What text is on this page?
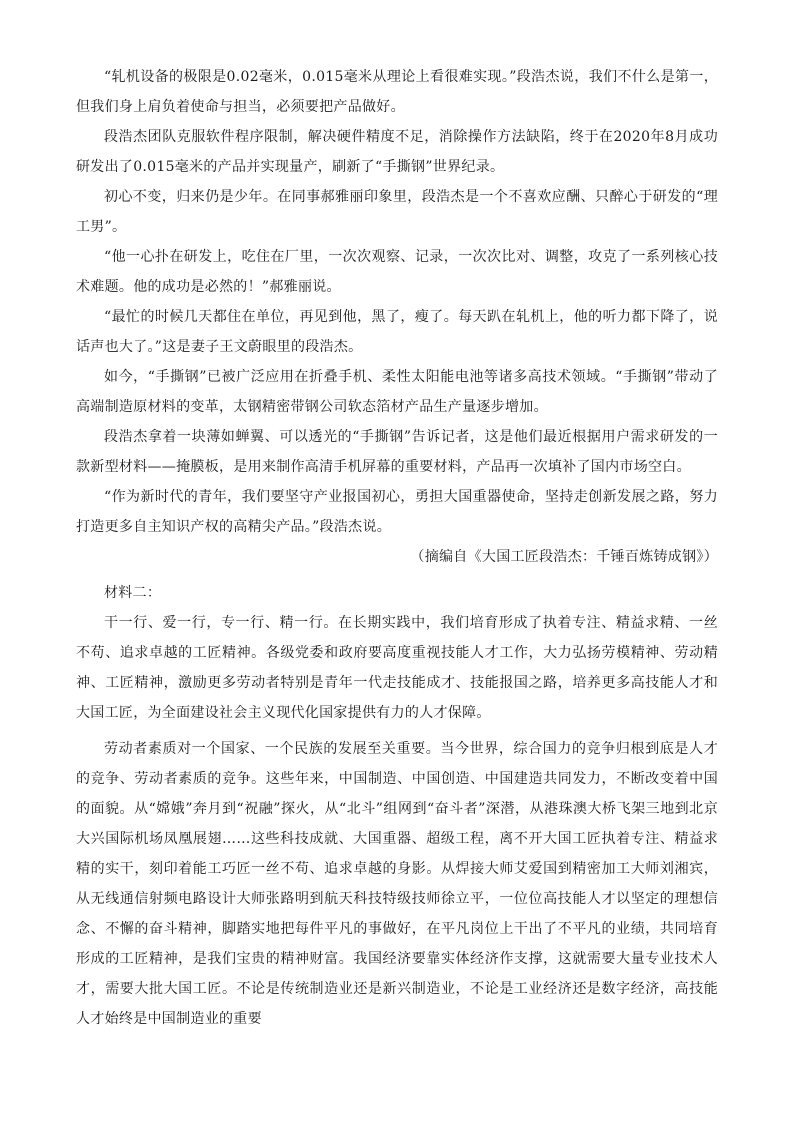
“轧机设备的极限是0.02毫米，0.015毫米从理论上看很难实现。”段浩杰说，我们不什么是第一，但我们身上肩负着使命与担当，必须要把产品做好。

段浩杰团队克服软件程序限制，解决硬件精度不足，消除操作方法缺陷，终于在2020年8月成功研发出了0.015毫米的产品并实现量产，刷新了“手撕钢”世界纪录。

初心不变，归来仍是少年。在同事郝雅丽印象里，段浩杰是一个不喜欢应酬、只醉心于研发的“理工男”。

“他一心扑在研发上，吃住在厂里，一次次观察、记录，一次次比对、调整，攻克了一系列核心技术难题。他的成功是必然的！”郝雅丽说。

“最忙的时候几天都住在单位，再见到他，黑了，瘦了。每天趴在轧机上，他的听力都下降了，说话声也大了。”这是妻子王文蔚眼里的段浩杰。

如今，“手撕钢”已被广泛应用在折叠手机、柔性太阳能电池等诸多高技术领域。“手撕钢”带动了高端制造原材料的变革，太钢精密带钢公司软态箔材产品生产量逐步增加。

段浩杰拿着一块薄如蝉翼、可以透光的“手撕钢”告诉记者，这是他们最近根据用户需求研发的一款新型材料——掩膜板，是用来制作高清手机屏幕的重要材料，产品再一次填补了国内市场空白。

“作为新时代的青年，我们要坚守产业报国初心，勇担大国重器使命，坚持走创新发展之路，努力打造更多自主知识产权的高精尖产品。”段浩杰说。

（摘编自《大国工匠段浩杰：千锤百炼铸成钢》）

材料二：

干一行、爱一行，专一行、精一行。在长期实践中，我们培育形成了执着专注、精益求精、一丝不苟、追求卓越的工匠精神。各级党委和政府要高度重视技能人才工作，大力弘扬劳模精神、劳动精神、工匠精神，激励更多劳动者特别是青年一代走技能成才、技能报国之路，培养更多高技能人才和大国工匠，为全面建设社会主义现代化国家提供有力的人才保障。

劳动者素质对一个国家、一个民族的发展至关重要。当今世界，综合国力的竞争归根到底是人才的竞争、劳动者素质的竞争。这些年来，中国制造、中国创造、中国建造共同发力，不断改变着中国的面貌。从“嫦娥”奔月到“祝融”探火，从“北斗”组网到“奋斗者”深潜，从港珠澳大桥飞架三地到北京大兴国际机场凤凰展翅……这些科技成就、大国重器、超级工程，离不开大国工匠执着专注、精益求精的实干，刻印着能工巧匠一丝不苟、追求卓越的身影。从焊接大师艾爱国到精密加工大师刘湘宾，从无线通信射频电路设计大师张路明到航天科技特级技师徐立平，一位位高技能人才以坚定的理想信念、不懈的奋斗精神，脚踏实地把每件平凡的事做好，在平凡岗位上干出了不平凡的业绩，共同培育形成的工匠精神，是我们宝贵的精神财富。我国经济要靠实体经济作支撑，这就需要大量专业技术人才，需要大批大国工匠。不论是传统制造业还是新兴制造业，不论是工业经济还是数字经济，高技能人才始终是中国制造业的重要
